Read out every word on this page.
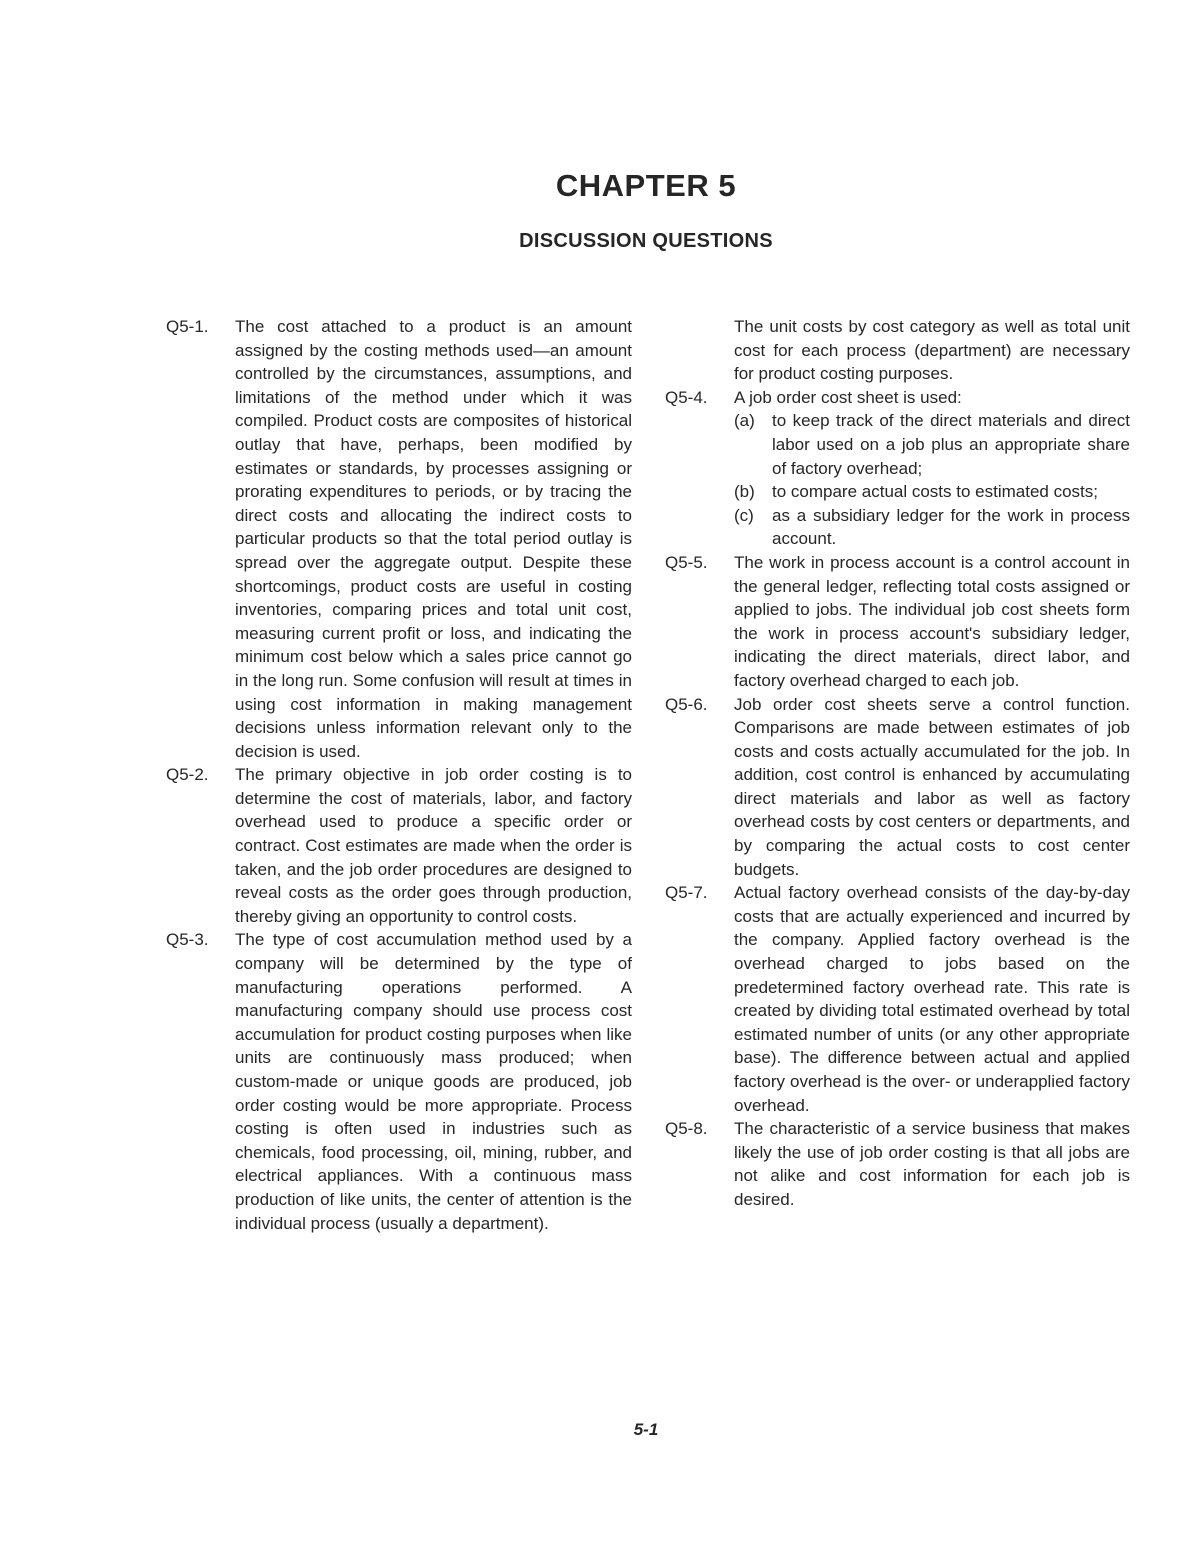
CHAPTER 5
DISCUSSION QUESTIONS
Q5-1. The cost attached to a product is an amount assigned by the costing methods used—an amount controlled by the circumstances, assumptions, and limitations of the method under which it was compiled. Product costs are composites of historical outlay that have, perhaps, been modified by estimates or standards, by processes assigning or prorating expenditures to periods, or by tracing the direct costs and allocating the indirect costs to particular products so that the total period outlay is spread over the aggregate output. Despite these shortcomings, product costs are useful in costing inventories, comparing prices and total unit cost, measuring current profit or loss, and indicating the minimum cost below which a sales price cannot go in the long run. Some confusion will result at times in using cost information in making management decisions unless information relevant only to the decision is used.
Q5-2. The primary objective in job order costing is to determine the cost of materials, labor, and factory overhead used to produce a specific order or contract. Cost estimates are made when the order is taken, and the job order procedures are designed to reveal costs as the order goes through production, thereby giving an opportunity to control costs.
Q5-3. The type of cost accumulation method used by a company will be determined by the type of manufacturing operations performed. A manufacturing company should use process cost accumulation for product costing purposes when like units are continuously mass produced; when custom-made or unique goods are produced, job order costing would be more appropriate. Process costing is often used in industries such as chemicals, food processing, oil, mining, rubber, and electrical appliances. With a continuous mass production of like units, the center of attention is the individual process (usually a department).
The unit costs by cost category as well as total unit cost for each process (department) are necessary for product costing purposes.
Q5-4. A job order cost sheet is used:
(a) to keep track of the direct materials and direct labor used on a job plus an appropriate share of factory overhead;
(b) to compare actual costs to estimated costs;
(c) as a subsidiary ledger for the work in process account.
Q5-5. The work in process account is a control account in the general ledger, reflecting total costs assigned or applied to jobs. The individual job cost sheets form the work in process account's subsidiary ledger, indicating the direct materials, direct labor, and factory overhead charged to each job.
Q5-6. Job order cost sheets serve a control function. Comparisons are made between estimates of job costs and costs actually accumulated for the job. In addition, cost control is enhanced by accumulating direct materials and labor as well as factory overhead costs by cost centers or departments, and by comparing the actual costs to cost center budgets.
Q5-7. Actual factory overhead consists of the day-by-day costs that are actually experienced and incurred by the company. Applied factory overhead is the overhead charged to jobs based on the predetermined factory overhead rate. This rate is created by dividing total estimated overhead by total estimated number of units (or any other appropriate base). The difference between actual and applied factory overhead is the over- or underapplied factory overhead.
Q5-8. The characteristic of a service business that makes likely the use of job order costing is that all jobs are not alike and cost information for each job is desired.
5-1
